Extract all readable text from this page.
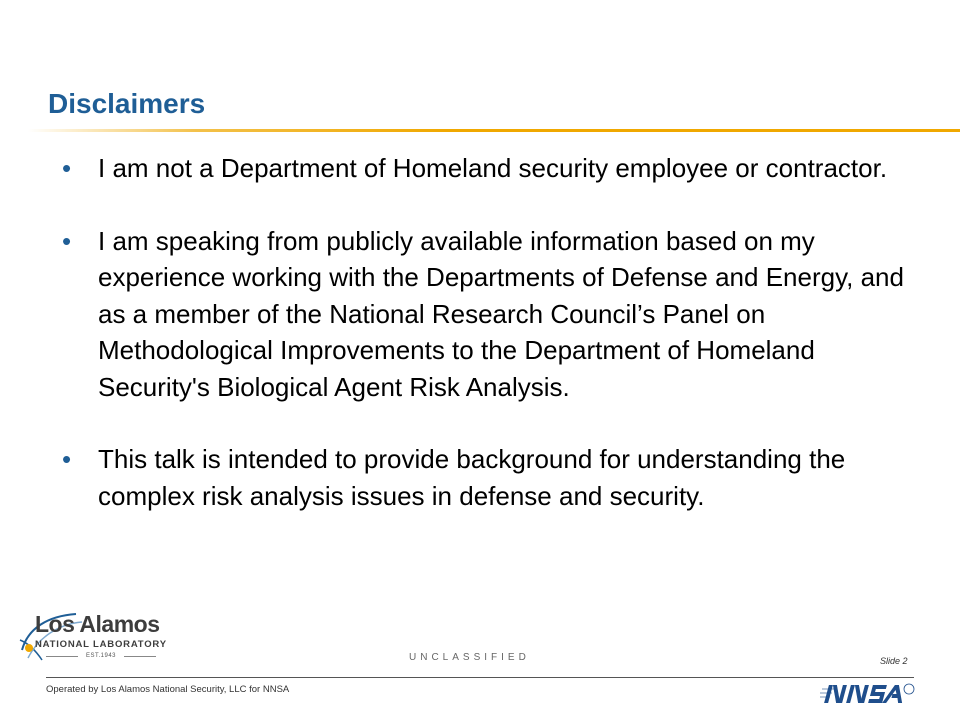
Disclaimers
• I am not a Department of Homeland security employee or contractor.
• I am speaking from publicly available information based on my experience working with the Departments of Defense and Energy, and as a member of the National Research Council’s Panel on Methodological Improvements to the Department of Homeland Security's Biological Agent Risk Analysis.
• This talk is intended to provide background for understanding the complex risk analysis issues in defense and security.
Los Alamos
NATIONAL LABORATORY
EST.1943	UNCLASSIFIED	Slide 2
Operated by Los Alamos National Security, LLC for NNSA
